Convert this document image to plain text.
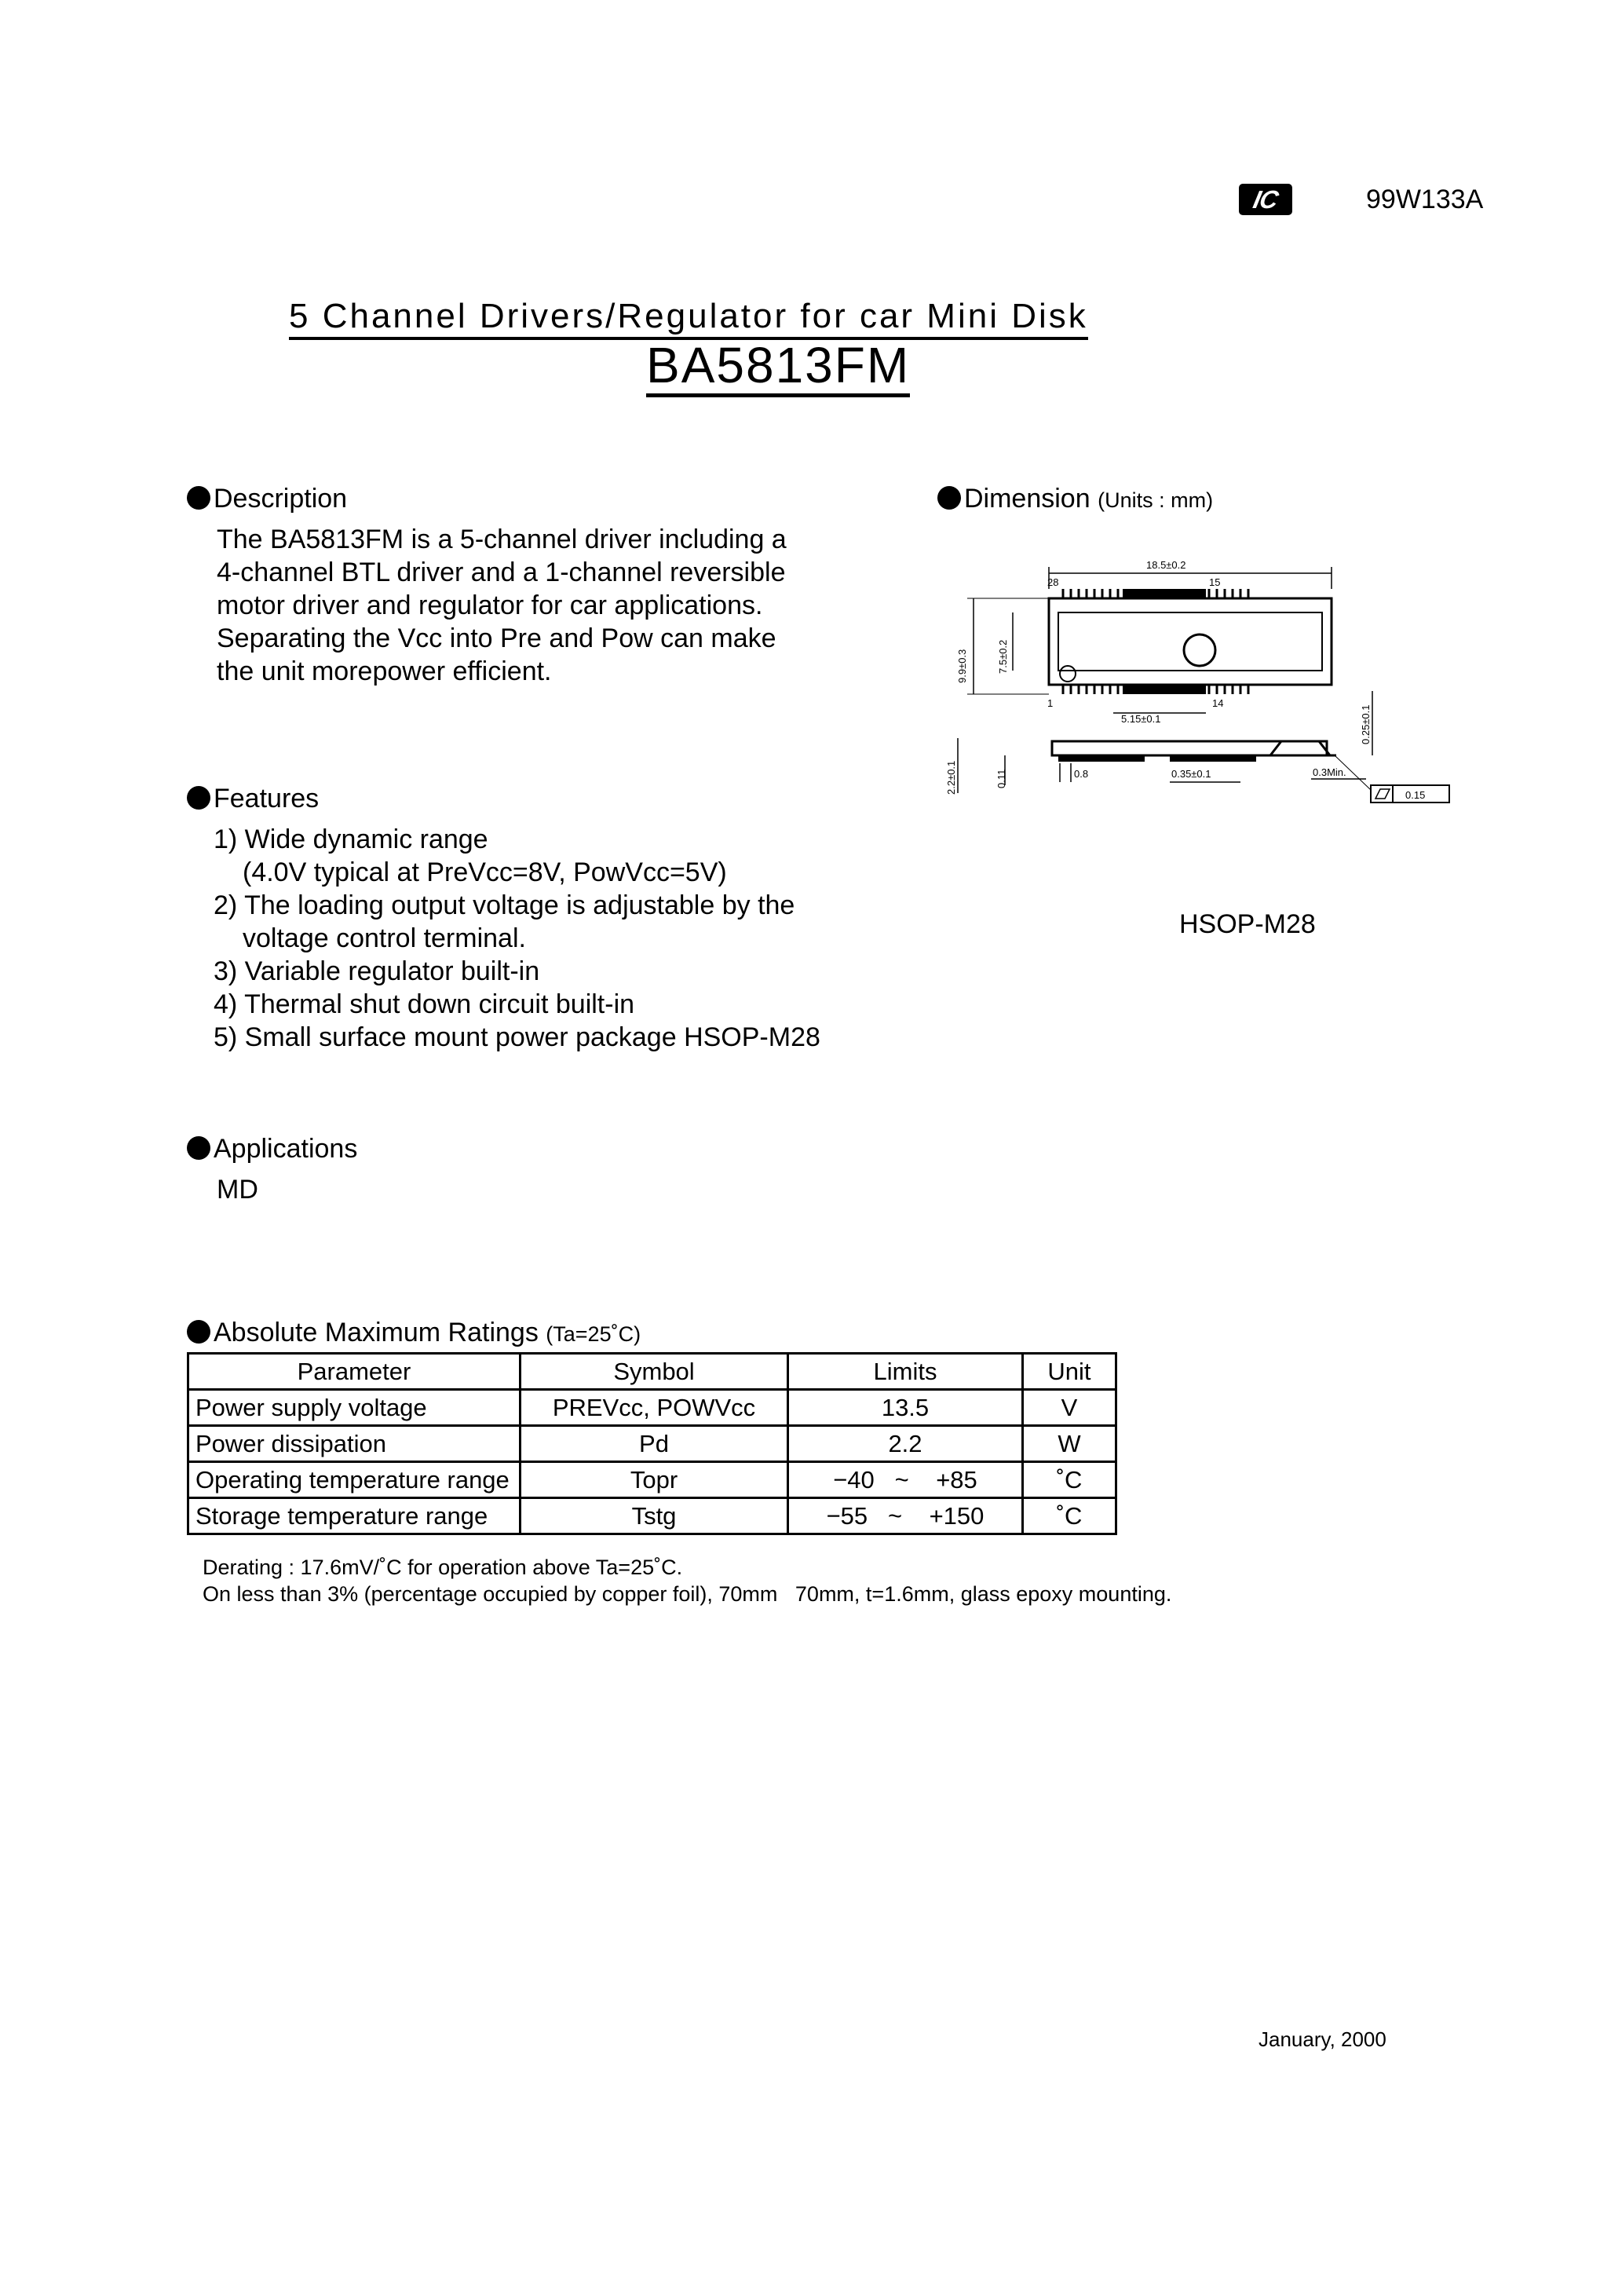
IC	99W133A
5 Channel Drivers/Regulator for car Mini Disk
BA5813FM
Description
The BA5813FM is a 5-channel driver including a
4-channel BTL driver and a 1-channel reversible
motor driver and regulator for car applications.
Separating the Vcc into Pre and Pow can make
the unit morepower efficient.
Dimension (Units : mm)
18.5±0.2
28	15
1	14
9.9±0.3	7.5±0.2
5.15±0.1
2.2±0.1	0.11	0.8	0.35±0.1
0.25±0.1
0.3Min.
0.15
HSOP-M28
Features
1) Wide dynamic range
(4.0V typical at PreVcc=8V, PowVcc=5V)
2) The loading output voltage is adjustable by the
voltage control terminal.
3) Variable regulator built-in
4) Thermal shut down circuit built-in
5) Small surface mount power package HSOP-M28
Applications
MD
Absolute Maximum Ratings (Ta=25˚C)
Parameter	Symbol	Limits	Unit
Power supply voltage	PREVcc, POWVcc	13.5	V
Power dissipation	Pd	2.2	W
Operating temperature range	Topr	−40 ~ +85	˚C
Storage temperature range	Tstg	−55 ~ +150	˚C
Derating : 17.6mV/˚C for operation above Ta=25˚C.
On less than 3% (percentage occupied by copper foil), 70mm 70mm, t=1.6mm, glass epoxy mounting.
January, 2000
